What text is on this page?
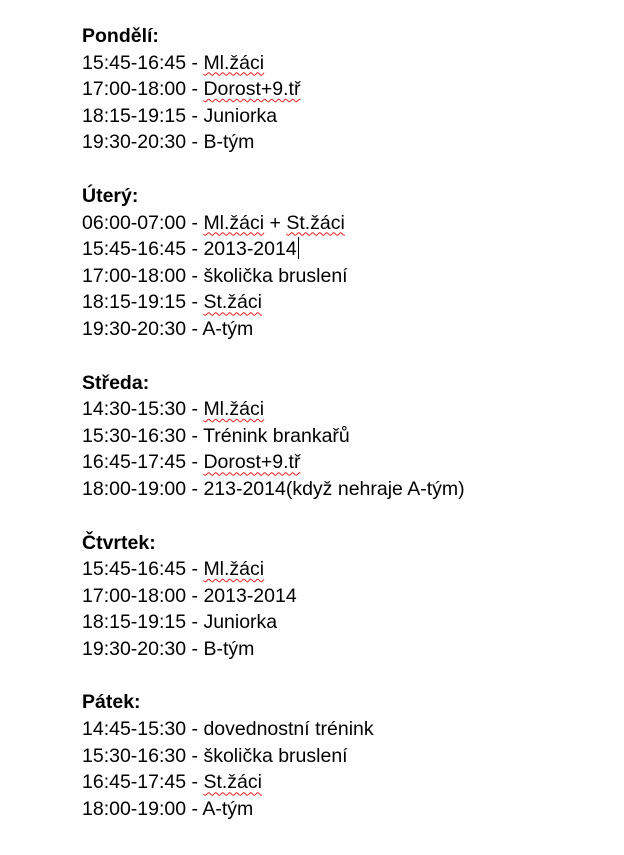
Pondělí:
15:45-16:45 - Ml.žáci
17:00-18:00 - Dorost+9.tř
18:15-19:15 - Juniorka
19:30-20:30 - B-tým
Úterý:
06:00-07:00 - Ml.žáci + St.žáci
15:45-16:45 - 2013-2014
17:00-18:00 - školička bruslení
18:15-19:15 - St.žáci
19:30-20:30 - A-tým
Středa:
14:30-15:30 - Ml.žáci
15:30-16:30 - Trénink brankařů
16:45-17:45 - Dorost+9.tř
18:00-19:00 - 213-2014(když nehraje A-tým)
Čtvrtek:
15:45-16:45 - Ml.žáci
17:00-18:00 - 2013-2014
18:15-19:15 - Juniorka
19:30-20:30 - B-tým
Pátek:
14:45-15:30 - dovednostní trénink
15:30-16:30 - školička bruslení
16:45-17:45 - St.žáci
18:00-19:00 - A-tým
